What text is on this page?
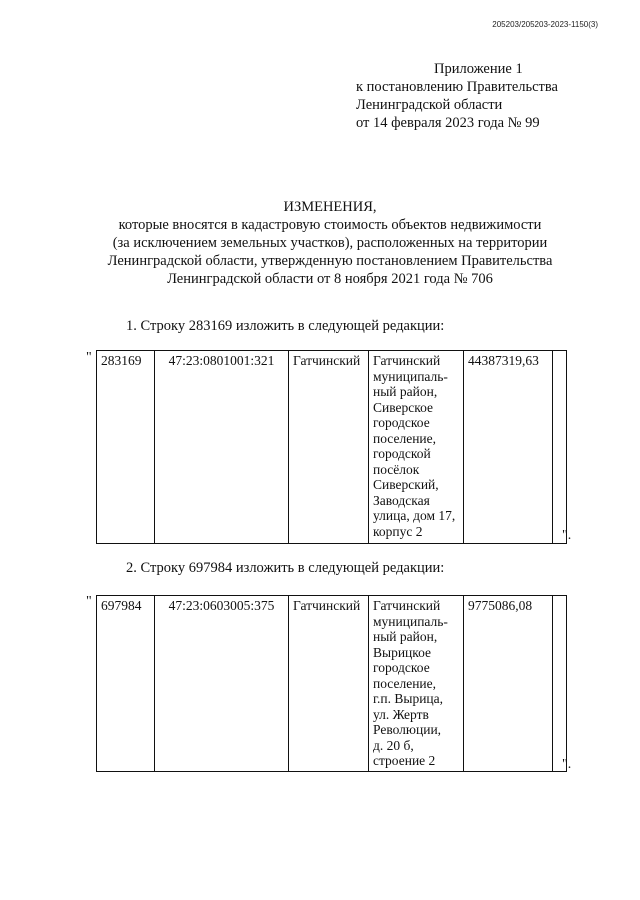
205203/205203-2023-1150(3)
Приложение 1
к постановлению Правительства
Ленинградской области
от 14 февраля 2023 года № 99
ИЗМЕНЕНИЯ,
которые вносятся в кадастровую стоимость объектов недвижимости
(за исключением земельных участков), расположенных на территории
Ленинградской области, утвержденную постановлением Правительства
Ленинградской области от 8 ноября 2021 года № 706
1. Строку 283169 изложить в следующей редакции:
" 283169	47:23:0801001:321	Гатчинский	Гатчинский
муниципаль-
ный район,
Сиверское
городское
поселение,
городской
посёлок
Сиверский,
Заводская
улица, дом 17,
корпус 2
	44387319,63	
".
2. Строку 697984 изложить в следующей редакции:
" 697984	47:23:0603005:375	Гатчинский	Гатчинский
муниципаль-
ный район,
Вырицкое
городское
поселение,
г.п. Вырица,
ул. Жертв
Революции,
д. 20 б,
строение 2
	9775086,08	
".
